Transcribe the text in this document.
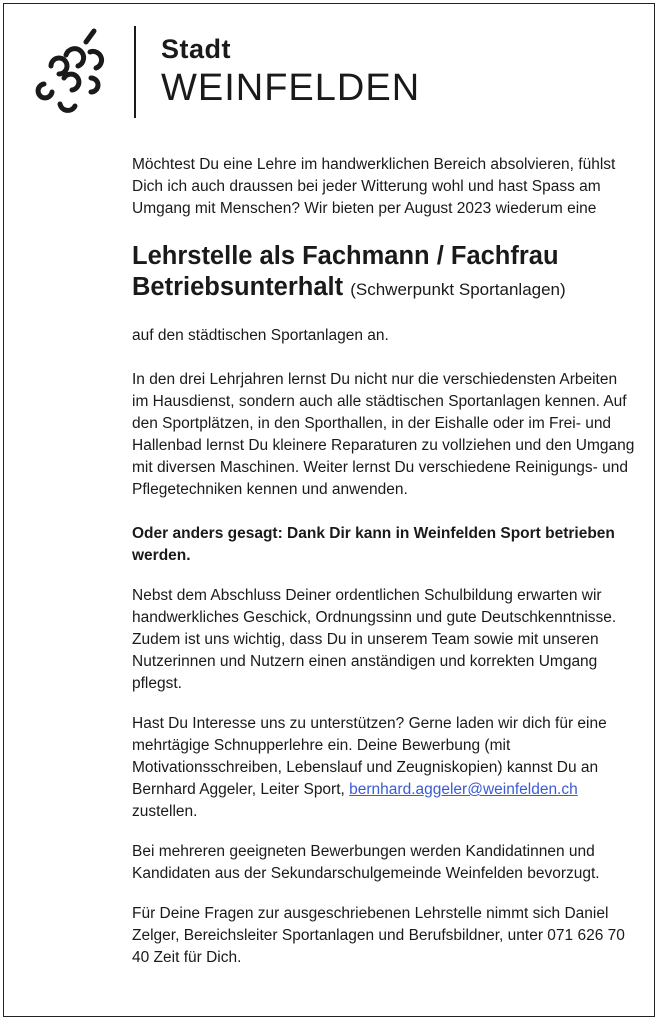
Stadt
WEINFELDEN

Möchtest Du eine Lehre im handwerklichen Bereich absolvieren, fühlst Dich ich auch draussen bei jeder Witterung wohl und hast Spass am Umgang mit Menschen? Wir bieten per August 2023 wiederum eine

Lehrstelle als Fachmann / Fachfrau
Betriebsunterhalt (Schwerpunkt Sportanlagen)

auf den städtischen Sportanlagen an.

In den drei Lehrjahren lernst Du nicht nur die verschiedensten Arbeiten im Hausdienst, sondern auch alle städtischen Sportanlagen kennen. Auf den Sportplätzen, in den Sporthallen, in der Eishalle oder im Frei- und Hallenbad lernst Du kleinere Reparaturen zu vollziehen und den Umgang mit diversen Maschinen. Weiter lernst Du verschiedene Reinigungs- und Pflegetechniken kennen und anwenden.

Oder anders gesagt: Dank Dir kann in Weinfelden Sport betrieben werden.

Nebst dem Abschluss Deiner ordentlichen Schulbildung erwarten wir handwerkliches Geschick, Ordnungssinn und gute Deutschkenntnisse. Zudem ist uns wichtig, dass Du in unserem Team sowie mit unseren Nutzerinnen und Nutzern einen anständigen und korrekten Umgang pflegst.

Hast Du Interesse uns zu unterstützen? Gerne laden wir dich für eine mehrtägige Schnupperlehre ein. Deine Bewerbung (mit Motivationsschreiben, Lebenslauf und Zeugniskopien) kannst Du an Bernhard Aggeler, Leiter Sport, bernhard.aggeler@weinfelden.ch zustellen.

Bei mehreren geeigneten Bewerbungen werden Kandidatinnen und Kandidaten aus der Sekundarschulgemeinde Weinfelden bevorzugt.

Für Deine Fragen zur ausgeschriebenen Lehrstelle nimmt sich Daniel Zelger, Bereichsleiter Sportanlagen und Berufsbildner, unter 071 626 70 40 Zeit für Dich.
